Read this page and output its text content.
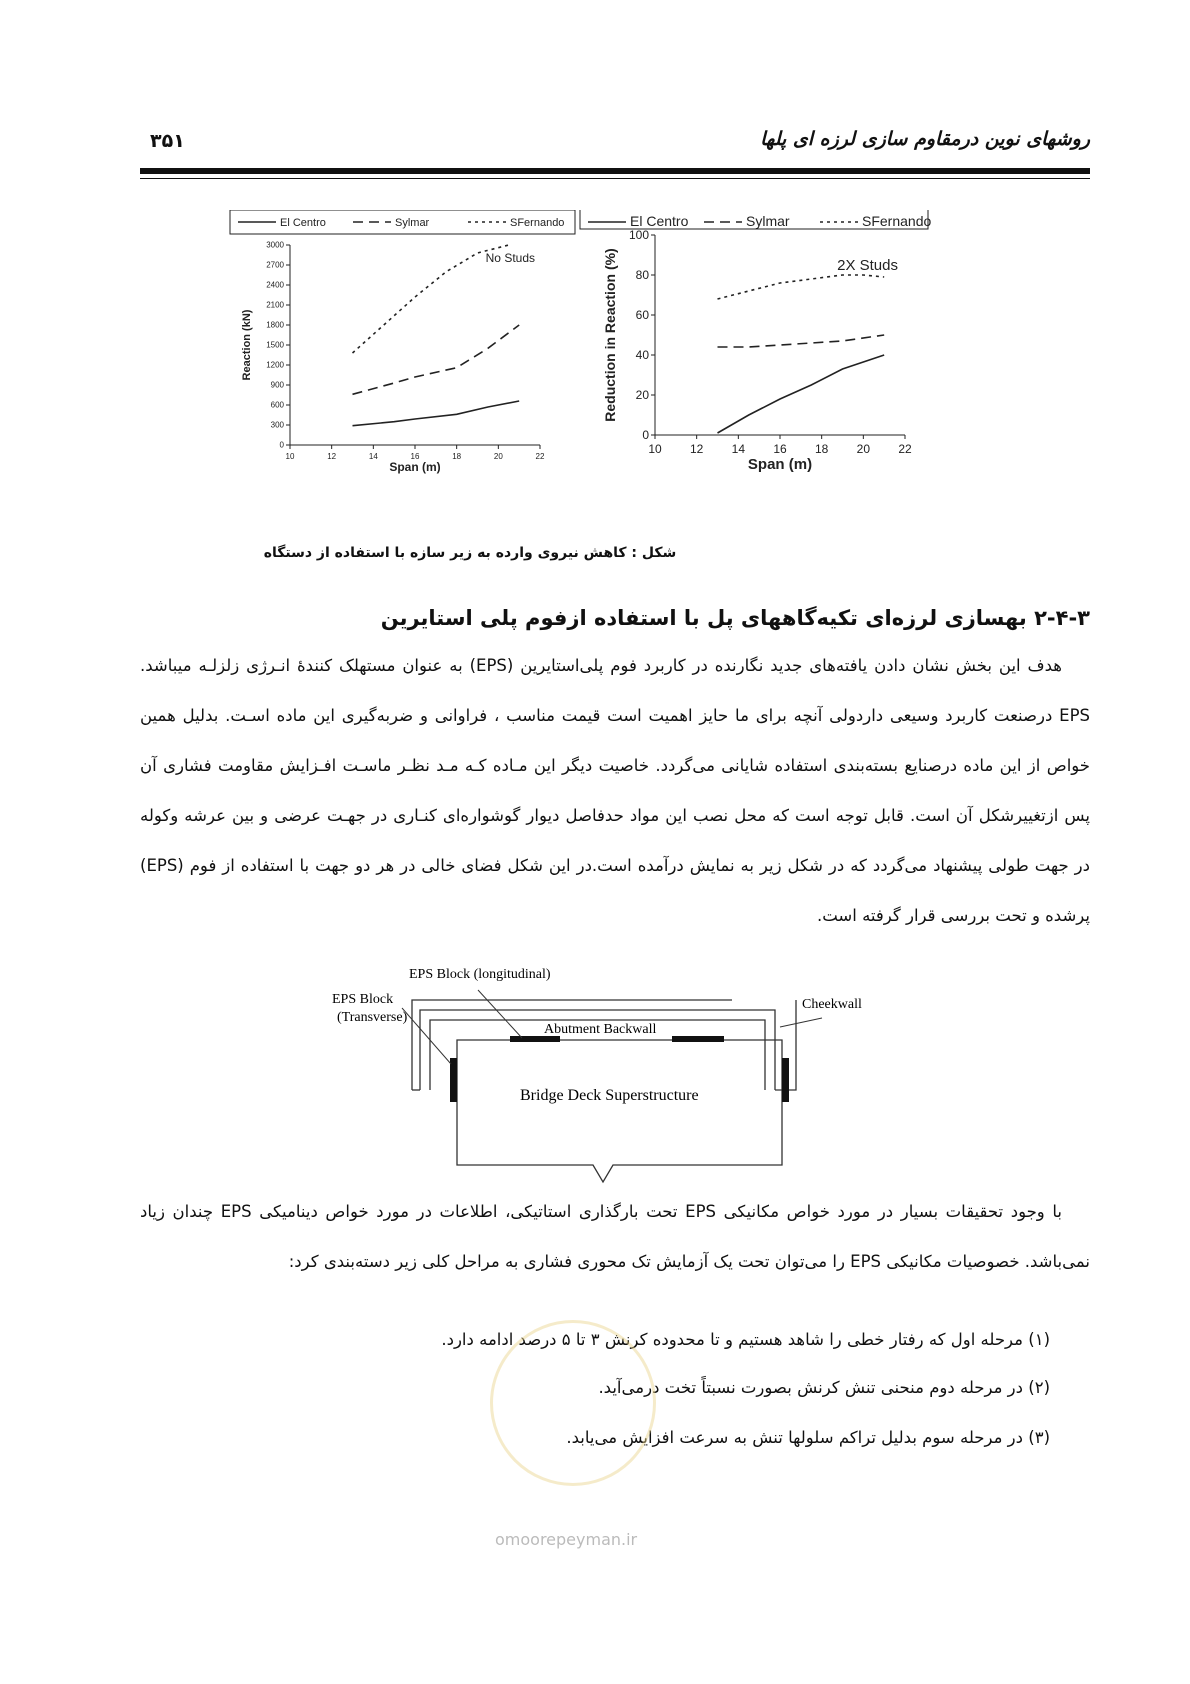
۳۵۱	روشهای نوین درمقاوم سازی لرزه ای پلها
El Centro	Sylmar	SFernando
10	12	14	16	18	20	22
0
300
600
900
1200
1500
1800
2100
2400
2700
3000
Span (m)
Reaction (kN)
No Studs
El Centro	Sylmar	SFernando
10 12 14 16 18 20 22
0
20
40
60
80
100
Span (m)
Reduction in Reaction (%)	2X Studs
شکل : کاهش نیروی وارده به زیر سازه با استفاده از دستگاه
۲-۴-۳ بهسازی لرزه‌ای تکیه‌گاههای پل با استفاده ازفوم پلی استایرین
هدف این بخش نشان دادن یافته‌های جدید نگارنده در کاربرد فوم پلی‌استایرین (EPS) به عنوان مستهلک کنندهٔ انـرژی زلزلـه میباشد. EPS درصنعت کاربرد وسیعی داردولی آنچه برای ما حایز اهمیت است قیمت مناسب ، فراوانی و ضربه‌گیری این ماده اسـت. بدلیل همین خواص از این ماده درصنایع بسته‌بندی استفاده شایانی می‌گردد. خاصیت دیگر این مـاده کـه مـد نظـر ماسـت افـزایش مقاومت فشاری آن پس ازتغییرشکل آن است. قابل توجه است که محل نصب این مواد حدفاصل دیوار گوشواره‌ای کنـاری در جهـت عرضی و بین عرشه وکوله در جهت طولی پیشنهاد می‌گردد که در شکل زیر به نمایش درآمده است.در این شکل فضای خالی در هر دو جهت با استفاده از فوم (EPS) پرشده و تحت بررسی قرار گرفته است.
EPS Block (longitudinal)
EPS Block
(Transverse)
Abutment Backwall
Cheekwall
Bridge Deck Superstructure
با وجود تحقیقات بسیار در مورد خواص مکانیکی EPS تحت بارگذاری استاتیکی، اطلاعات در مورد خواص دینامیکی EPS چندان زیاد نمی‌باشد. خصوصیات مکانیکی EPS را می‌توان تحت یک آزمایش تک محوری فشاری به مراحل کلی زیر دسته‌بندی کرد:
(۱) مرحله اول که رفتار خطی را شاهد هستیم و تا محدوده کرنش ۳ تا ۵ درصد ادامه دارد.
(۲) در مرحله دوم منحنی تنش کرنش بصورت نسبتاً تخت درمی‌آید.
(۳) در مرحله سوم بدلیل تراکم سلولها تنش به سرعت افزایش می‌یابد.
omoorepeyman.ir
